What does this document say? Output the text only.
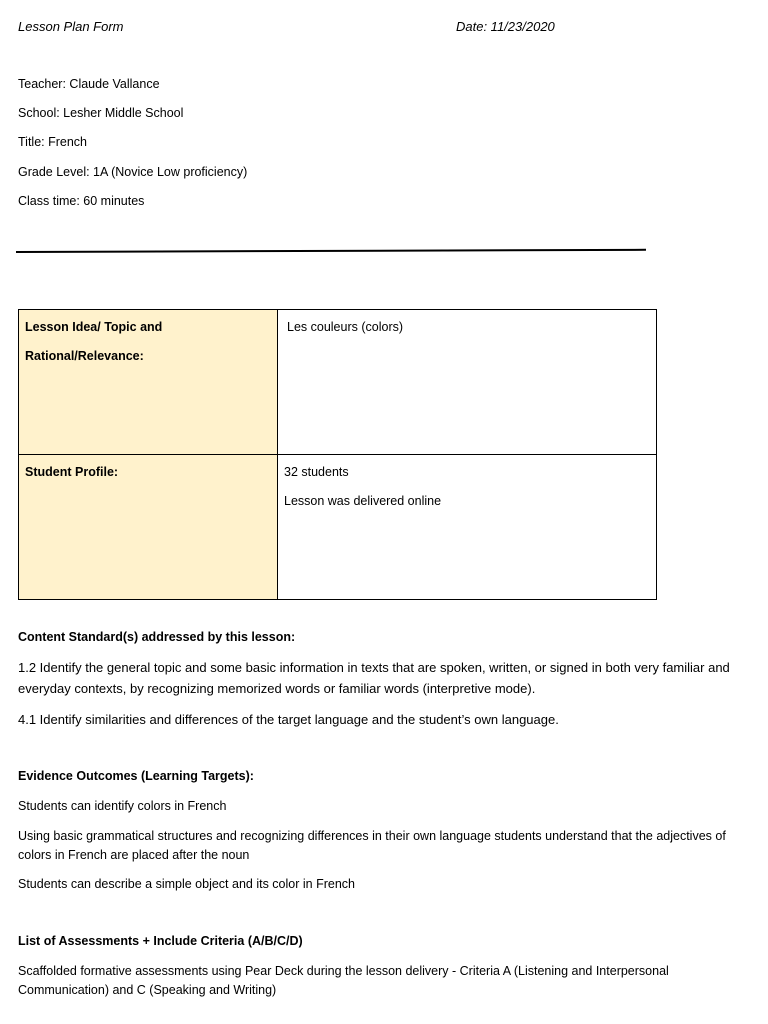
Lesson Plan Form	Date: 11/23/2020
Teacher: Claude Vallance
School: Lesher Middle School
Title: French
Grade Level: 1A (Novice Low proficiency)
Class time: 60 minutes
Lesson Idea/ Topic and
Rational/Relevance:	Les couleurs (colors)

Student Profile:	32 students
Lesson was delivered online
Content Standard(s) addressed by this lesson:
1.2 Identify the general topic and some basic information in texts that are spoken, written, or signed in both very familiar and everyday contexts, by recognizing memorized words or familiar words (interpretive mode).
4.1 Identify similarities and differences of the target language and the student’s own language.
Evidence Outcomes (Learning Targets):
Students can identify colors in French
Using basic grammatical structures and recognizing differences in their own language students understand that the adjectives of colors in French are placed after the noun
Students can describe a simple object and its color in French
List of Assessments + Include Criteria (A/B/C/D)
Scaffolded formative assessments using Pear Deck during the lesson delivery - Criteria A (Listening and Interpersonal Communication) and C (Speaking and Writing)
